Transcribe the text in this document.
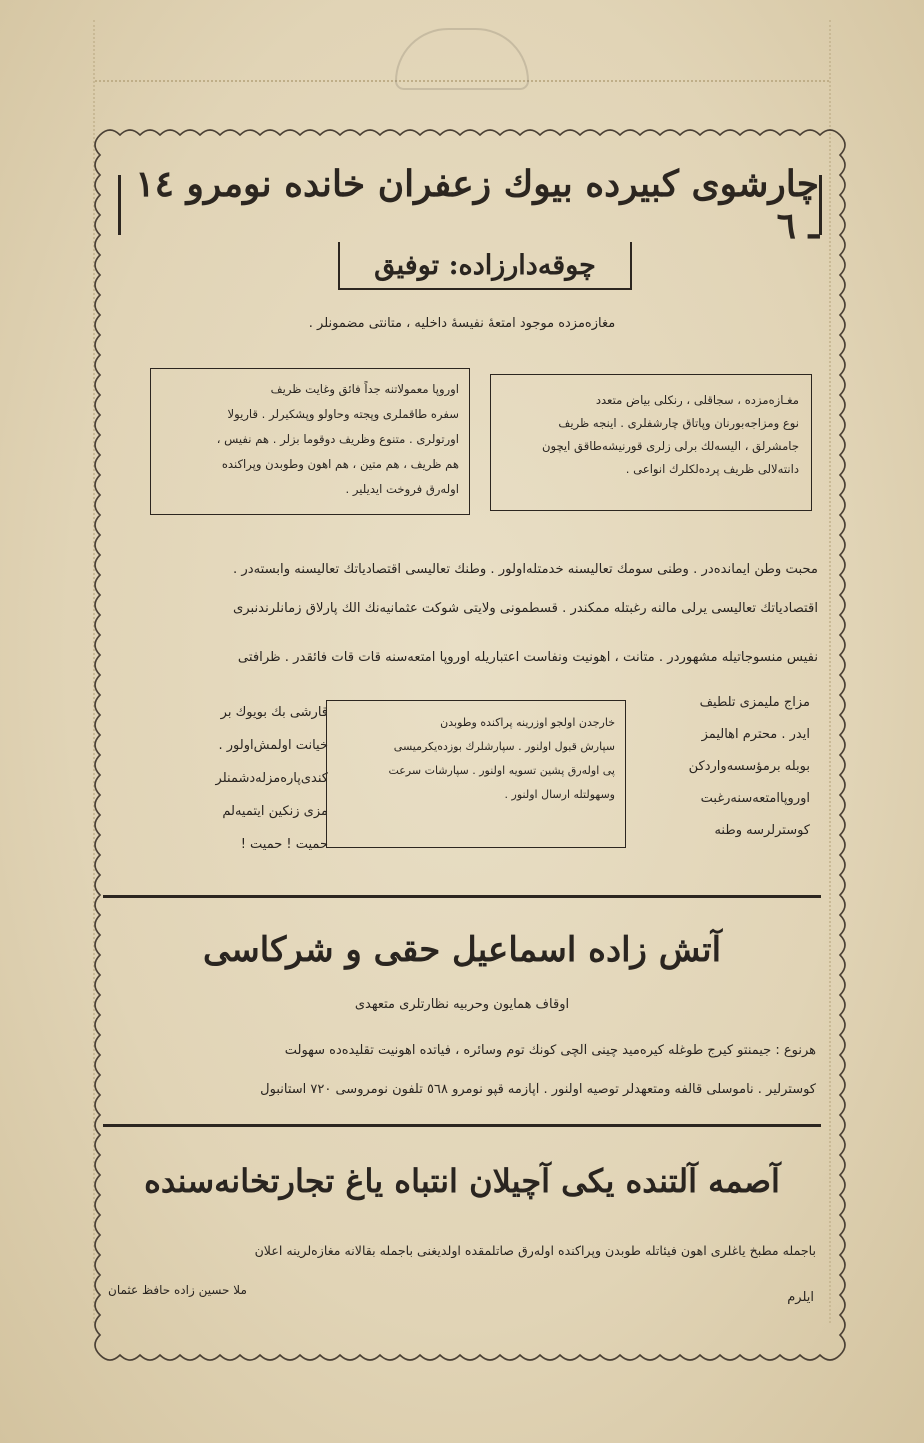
چارشوی کبیرده بیوك زعفران خانده نومرو ١٤ ـ ٦
چوقه‌دارزاده: توفیق
مغازه‌مزده موجود امتعهٔ نفیسهٔ داخلیه ، متانتی مضمونلر .
اوروپا معمولاتنه جداً فائق وغایت ظریف
سفره طاقملری وپجته وحاولو وپشکیرلر . قاریولا
اورتولری . متنوع وظریف دوقوما بزلر . هم نفیس ،
هم ظریف ، هم متین ، هم اهون وطوبدن وپراکنده
اوله‌رق فروخت ایدیلیر .
مغـازه‌مزده ، سجاقلی ، رنکلی بیاض متعدد
نوع ومزاجه‌بورنان وپاتاق چارشفلری . اینجه ظریف
جامشرلق ، الیسه‌لك برلی زلری قورنیشه‌طاقق ایچون
دانته‌لالی ظریف پرده‌لکلرك انواعی .
محبت وطن ایمانده‌در . وطنی سومك تعالیسنه خدمتله‌اولور . وطنك تعالیسی اقتصادیاتك تعالیسنه وابسته‌در .
اقتصادیاتك تعالیسی یرلی مالنه رغبتله ممکندر . قسطمونی ولایتی شوکت عثمانیه‌نك الك پارلاق زمانلرندنبری
نفیس منسوجاتیله مشهوردر . متانت ، اهونیت ونفاست اعتباریله اوروپا امتعه‌سنه قات قات فائقدر . ظرافتی
قارشی بك بویوك بر
خیانت اولمش‌اولور .
کندی‌پاره‌مزله‌دشمنلر
مزی زنکین ایتمیه‌لم
حمیت ! حمیت !
خارجدن اولجو اوزرینه پراکنده وطوبدن
سپارش قبول اولنور . سپارشلرك بوزده‌یکرمیسی
پی اوله‌رق پشین تسویه اولنور . سپارشات سرعت
وسهولتله ارسال اولنور .
مزاج ملیمزی تلطیف
ایدر . محترم اهالیمز
بوبله برمؤسسه‌واردکن
اوروپاامتعه‌سنه‌رغبت
کوسترلرسه وطنه
آتش زاده اسماعیل حقی و شرکاسی
اوقاف همایون وحربیه نظارتلری متعهدی
هرنوع : جیمنتو کیرج طوغله کیره‌مید چینی آلچی کونك توم وسائره ، فیاتده اهونیت تقلیده‌ده سهولت
کوسترلیر . ناموسلی قالفه ومتعهدلر توصیه اولنور . آپازمه قپو نومرو ٥٦٨ تلفون نومروسی ٧٢٠ استانبول
آصمه آلتنده یکی آچیلان انتباه یاغ تجارتخانه‌سنده
باجمله مطبخ یاغلری اهون فیئاتله طوبدن وپراکنده اوله‌رق صاتلمقده اولدیغنی باجمله بقالانه مغازه‌لرینه اعلان
ملا حسین زاده حافظ عثمان	ایلرم
